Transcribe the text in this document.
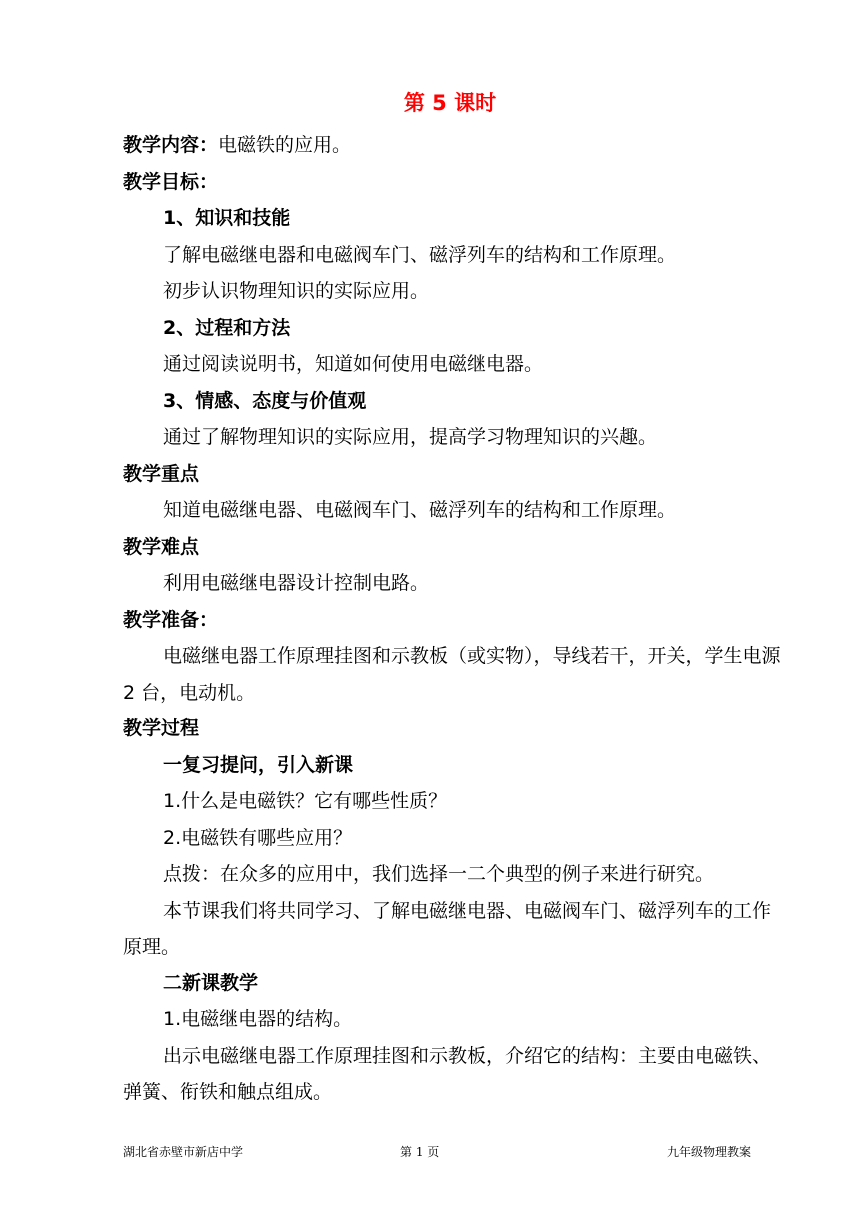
第 5 课时
教学内容：电磁铁的应用。
教学目标：
1、知识和技能
了解电磁继电器和电磁阀车门、磁浮列车的结构和工作原理。
初步认识物理知识的实际应用。
2、过程和方法
通过阅读说明书，知道如何使用电磁继电器。
3、情感、态度与价值观
通过了解物理知识的实际应用，提高学习物理知识的兴趣。
教学重点
知道电磁继电器、电磁阀车门、磁浮列车的结构和工作原理。
教学难点
利用电磁继电器设计控制电路。
教学准备：
电磁继电器工作原理挂图和示教板（或实物），导线若干，开关，学生电源 2 台，电动机。
教学过程
一复习提问，引入新课
1.什么是电磁铁？它有哪些性质？
2.电磁铁有哪些应用？
点拨：在众多的应用中，我们选择一二个典型的例子来进行研究。
本节课我们将共同学习、了解电磁继电器、电磁阀车门、磁浮列车的工作原理。
二新课教学
1.电磁继电器的结构。
出示电磁继电器工作原理挂图和示教板，介绍它的结构：主要由电磁铁、弹簧、衔铁和触点组成。
湖北省赤壁市新店中学	第 1 页	九年级物理教案
